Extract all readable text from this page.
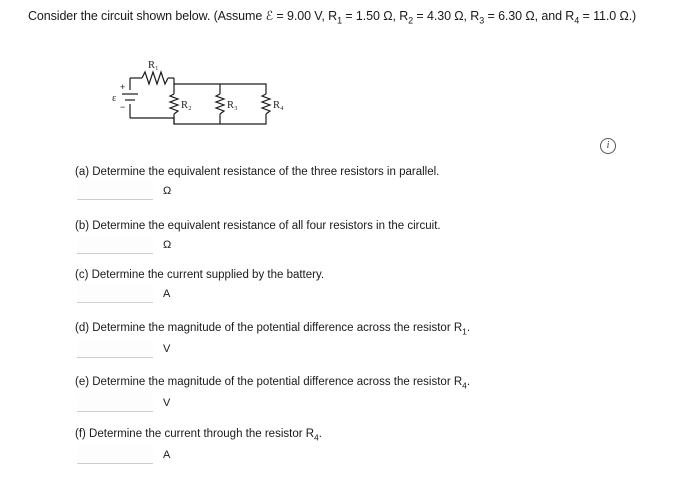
Consider the circuit shown below. (Assume ℰ = 9.00 V, $R_1 = 1.50$ Ω, $R_2 = 4.30$ Ω, $R_3 = 6.30$ Ω, and $R_4 = 11.0$ Ω.)
ε
+
−
R₁
R₂	R₃	R₄
i
(a) Determine the equivalent resistance of the three resistors in parallel.
Ω
(b) Determine the equivalent resistance of all four resistors in the circuit.
Ω
(c) Determine the current supplied by the battery.
A
(d) Determine the magnitude of the potential difference across the resistor $R_1$.
V
(e) Determine the magnitude of the potential difference across the resistor $R_4$.
V
(f) Determine the current through the resistor $R_4$.
A
